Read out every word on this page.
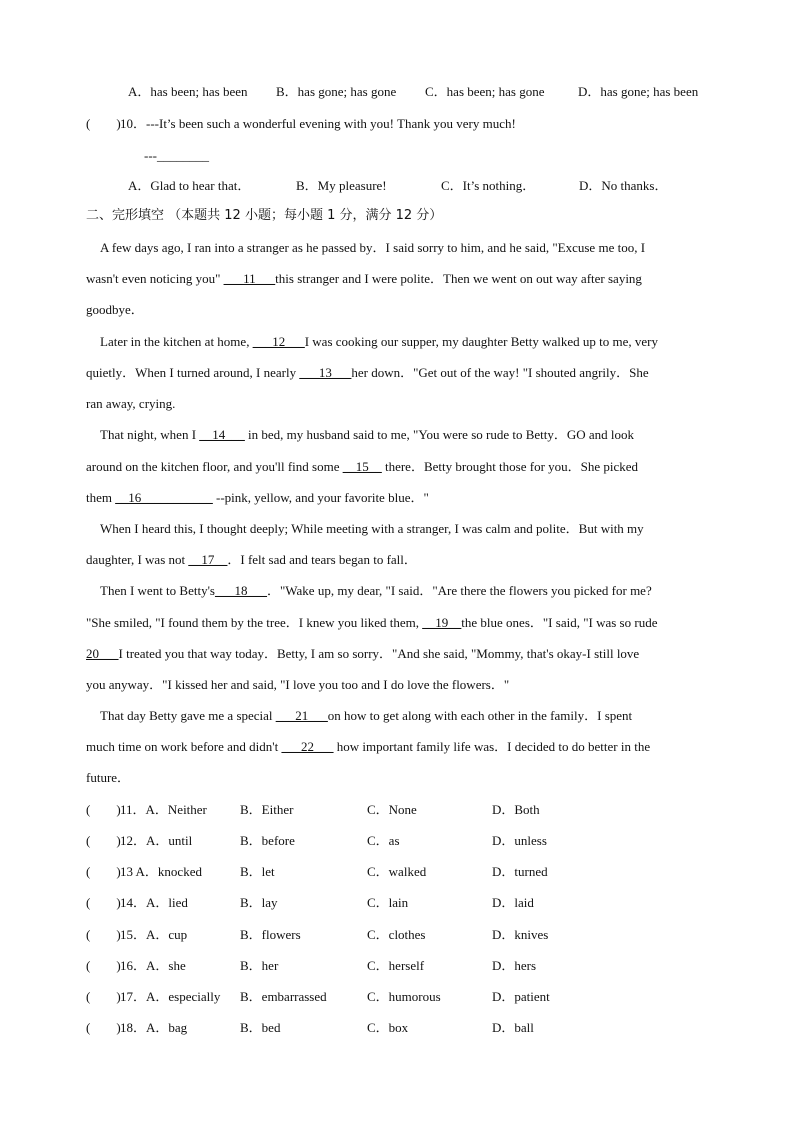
A．has been; has been B．has gone; has gone C．has been; has gone	D．has gone; has been
(        ) 10．---It’s been such a wonderful evening with you! Thank you very much!
---________
A．Glad to hear that．	B．My pleasure!	C．It’s nothing．	D．No thanks．
二、完形填空 （本题共 12 小题；每小题 1 分，满分 12 分）
A few days ago, I ran into a stranger as he passed by．I said sorry to him, and he said, "Excuse me too, I
wasn't even noticing you" ___11___this stranger and I were polite．Then we went on out way after saying
goodbye．
Later in the kitchen at home, ___12___I was cooking our supper, my daughter Betty walked up to me, very
quietly．When I turned around, I nearly ___13___her down．"Get out of the way! "I shouted angrily．She
ran away, crying.
That night, when I __14___ in bed, my husband said to me, "You were so rude to Betty．GO and look
around on the kitchen floor, and you'll find some __15__ there．Betty brought those for you．She picked
them __16___________ --pink, yellow, and your favorite blue．"
When I heard this, I thought deeply; While meeting with a stranger, I was calm and polite．But with my
daughter, I was not __17__．I felt sad and tears began to fall．
Then I went to Betty's___18___．"Wake up, my dear, "I said．"Are there the flowers you picked for me?
"She smiled, "I found them by the tree．I knew you liked them, __19__the blue ones．"I said, "I was so rude
20___I treated you that way today．Betty, I am so sorry．"And she said, "Mommy, that's okay-I still love
you anyway．"I kissed her and said, "I love you too and I do love the flowers．"
That day Betty gave me a special ___21___on how to get along with each other in the family．I spent
much time on work before and didn't ___22___ how important family life was．I decided to do better in the
future．
(        ) 11．A．Neither	B．Either	C．None	D．Both
(        ) 12．A．until	B．before	C．as	D．unless
(        ) 13 A．knocked	B．let	C．walked	D．turned
(        ) 14．A．lied	B．lay	C．lain	D．laid
(        ) 15．A．cup	B．flowers	C．clothes	D．knives
(        ) 16．A．she	B．her	C．herself	D．hers
(        ) 17．A．especially B．embarrassed	C．humorous	D．patient
(        ) 18．A．bag	B．bed	C．box	D．ball
